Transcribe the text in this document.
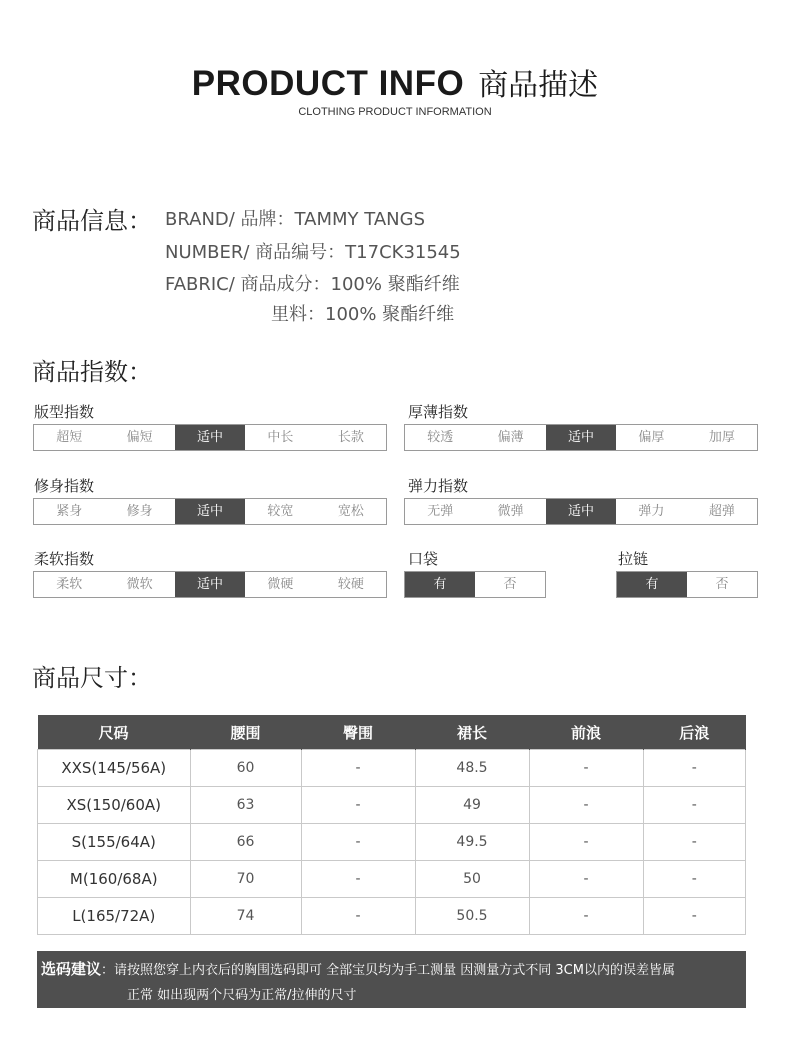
PRODUCT INFO 商品描述
CLOTHING PRODUCT INFORMATION
商品信息： BRAND/ 品牌：TAMMY TANGS
NUMBER/ 商品编号：T17CK31545
FABRIC/ 商品成分：100% 聚酯纤维
里料：100% 聚酯纤维
商品指数：
版型指数
超短	偏短	适中	中长	长款
厚薄指数
较透	偏薄	适中	偏厚	加厚
修身指数
紧身	修身	适中	较宽	宽松
弹力指数
无弹	微弹	适中	弹力	超弹
柔软指数
柔软	微软	适中	微硬	较硬
口袋
有	否
拉链
有	否
商品尺寸：
尺码	腰围	臀围	裙长	前浪	后浪
XXS(145/56A)	60	-	48.5	-	-
XS(150/60A)	63	-	49	-	-
S(155/64A)	66	-	49.5	-	-
M(160/68A)	70	-	50	-	-
L(165/72A)	74	-	50.5	-	-
选码建议：请按照您穿上内衣后的胸围选码即可 全部宝贝均为手工测量 因测量方式不同 3CM以内的误差皆属
正常 如出现两个尺码为正常/拉伸的尺寸
